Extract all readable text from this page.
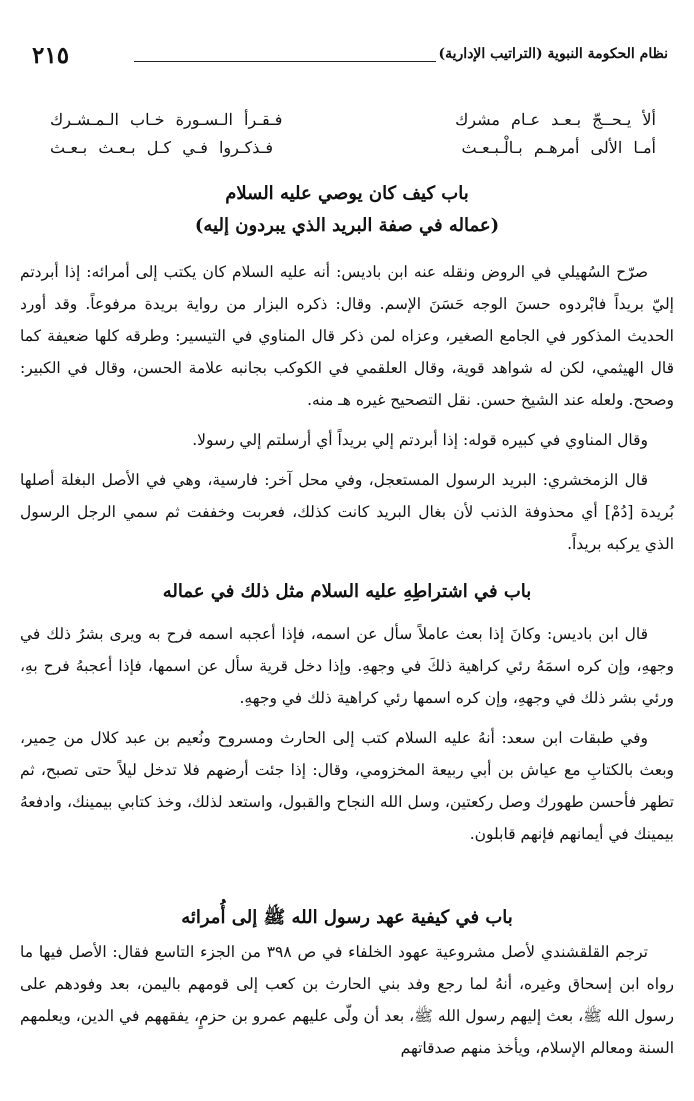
نظام الحكومة النبوية (التراتيب الإدارية)
٢١٥
ألأ يـحــجّ بـعـد عـام مشرك
فـقـرأ الـسـورة خـاب الـمـشـرك
أمـا الألى أمرهـم بـالْـبـعـث
فـذكـروا فـي كـل بـعـث بـعـث
باب كيف كان يوصي عليه السلام
(عماله في صفة البريد الذي يبردون إليه)

صرّح السُهيلي في الروض ونقله عنه ابن باديس: أنه عليه السلام كان يكتب إلى أمرائه: إذا أبردتم إليّ بريداً فابْردوه حسنَ الوجه حَسَنَ الإسم. وقال: ذكره البزار من رواية بريدة مرفوعاً. وقد أورد الحديث المذكور في الجامع الصغير، وعزاه لمن ذكر قال المناوي في التيسير: وطرقه كلها ضعيفة كما قال الهيثمي، لكن له شواهد قوية، وقال العلقمي في الكوكب بجانبه علامة الحسن، وقال في الكبير: وصحح. ولعله عند الشيخ حسن. نقل التصحيح غيره هـ منه.

وقال المناوي في كبيره قوله: إذا أبردتم إلي بريداً أي أرسلتم إلي رسولا.

قال الزمخشري: البريد الرسول المستعجل، وفي محل آخر: فارسية، وهي في الأصل البغلة أصلها بُريدة [دُمْ] أي محذوفة الذنب لأن بغال البريد كانت كذلك، فعربت وخففت ثم سمي الرجل الرسول الذي يركبه بريداً.

باب في اشتراطِهِ عليه السلام مثل ذلك في عماله

قال ابن باديس: وكانَ إذا بعث عاملاً سأل عن اسمه، فإذا أعجبه اسمه فرح به ويرى بشرُ ذلك في وجههِ، وإن كره اسمَهُ رئي كراهية ذلكَ في وجههِ. وإذا دخل قرية سأل عن اسمها، فإذا أعجبهُ فرح بهِ، ورئي بشر ذلك في وجههِ، وإن كره اسمها رئي كراهية ذلك في وجههِ.

وفي طبقات ابن سعد: أنهُ عليه السلام كتب إلى الحارث ومسروح ونُعيم بن عبد كلال من حِمير، وبعث بالكتابِ مع عياش بن أبي ربيعة المخزومي، وقال: إذا جئت أرضهم فلا تدخل ليلاً حتى تصبح، ثم تطهر فأحسن طهورك وصل ركعتين، وسل الله النجاح والقبول، واستعد لذلك، وخذ كتابي بيمينك، وادفعهُ بيمينك في أيمانهم فإنهم قابلون.

باب في كيفية عهد رسول الله ﷺ إلى أُمرائه

ترجم القلقشندي لأصل مشروعية عهود الخلفاء في ص ٣٩٨ من الجزء التاسع فقال: الأصل فيها ما رواه ابن إسحاق وغيره، أنهُ لما رجع وفد بني الحارث بن كعب إلى قومهم باليمن، بعد وفودهم على رسول الله ﷺ، بعث إليهم رسول الله ﷺ، بعد أن ولّى عليهم عمرو بن حزمٍ، يفقههم في الدين، ويعلمهم السنة ومعالم الإسلام، ويأخذ منهم صدقاتهم
